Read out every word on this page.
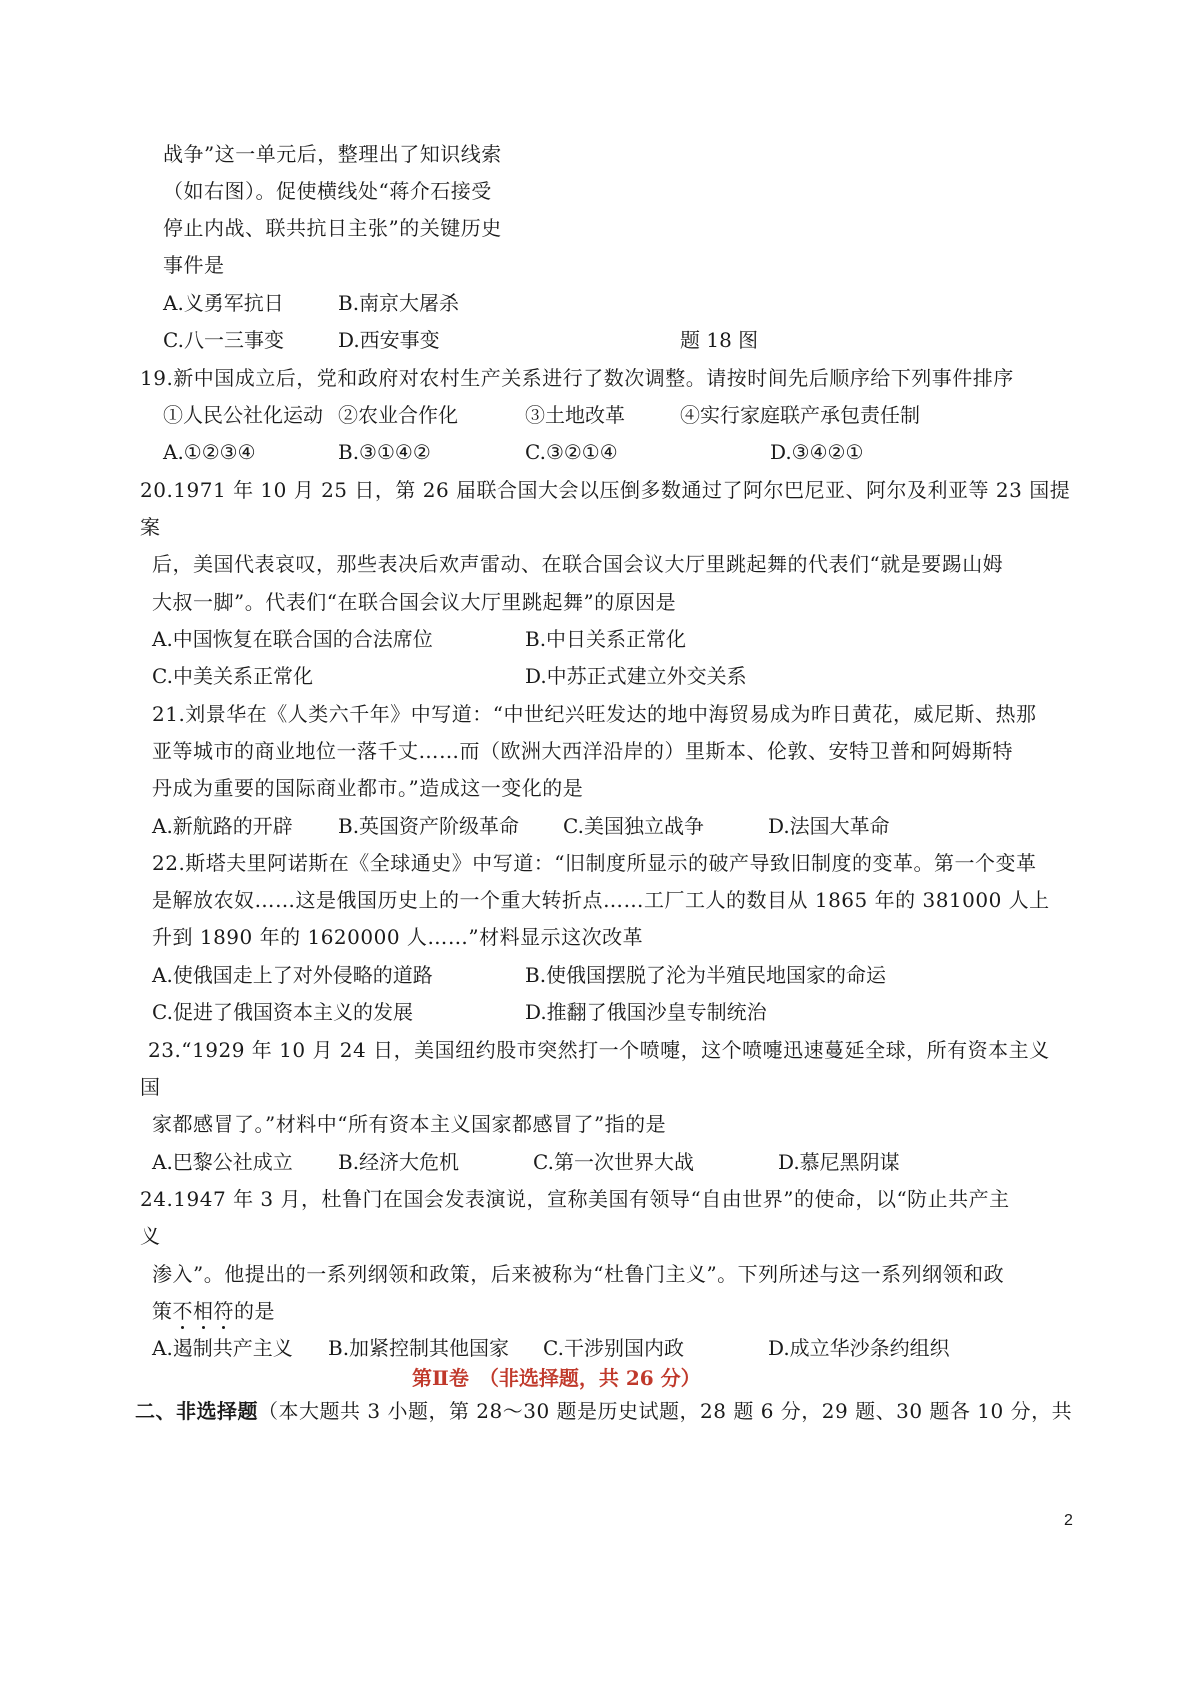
战争”这一单元后，整理出了知识线索
（如右图）。促使横线处“蒋介石接受
停止内战、联共抗日主张”的关键历史
事件是
A.义勇军抗日	B.南京大屠杀
C.八一三事变	D.西安事变	题 18 图
19.新中国成立后，党和政府对农村生产关系进行了数次调整。请按时间先后顺序给下列事件排序
①人民公社化运动 ②农业合作化	③土地改革	④实行家庭联产承包责任制
A.①②③④	B.③①④②	C.③②①④	D.③④②①
20.1971 年 10 月 25 日，第 26 届联合国大会以压倒多数通过了阿尔巴尼亚、阿尔及利亚等 23 国提
案
后，美国代表哀叹，那些表决后欢声雷动、在联合国会议大厅里跳起舞的代表们“就是要踢山姆
大叔一脚”。代表们“在联合国会议大厅里跳起舞”的原因是
A.中国恢复在联合国的合法席位	B.中日关系正常化
C.中美关系正常化	D.中苏正式建立外交关系
21.刘景华在《人类六千年》中写道：“中世纪兴旺发达的地中海贸易成为昨日黄花，威尼斯、热那
亚等城市的商业地位一落千丈……而（欧洲大西洋沿岸的）里斯本、伦敦、安特卫普和阿姆斯特
丹成为重要的国际商业都市。”造成这一变化的是
A.新航路的开辟 B.英国资产阶级革命 C.美国独立战争	D.法国大革命
22.斯塔夫里阿诺斯在《全球通史》中写道：“旧制度所显示的破产导致旧制度的变革。第一个变革
是解放农奴……这是俄国历史上的一个重大转折点……工厂工人的数目从 1865 年的 381000 人上
升到 1890 年的 1620000 人……”材料显示这次改革
A.使俄国走上了对外侵略的道路	B.使俄国摆脱了沦为半殖民地国家的命运
C.促进了俄国资本主义的发展	D.推翻了俄国沙皇专制统治
23.“1929 年 10 月 24 日，美国纽约股市突然打一个喷嚏，这个喷嚏迅速蔓延全球，所有资本主义
国
家都感冒了。”材料中“所有资本主义国家都感冒了”指的是
A.巴黎公社成立 B.经济大危机	C.第一次世界大战	D.慕尼黑阴谋
24.1947 年 3 月，杜鲁门在国会发表演说，宣称美国有领导“自由世界”的使命，以“防止共产主
义
渗入”。他提出的一系列纲领和政策，后来被称为“杜鲁门主义”。下列所述与这一系列纲领和政
策不相符的是
A.遏制共产主义 B.加紧控制其他国家 C.干涉别国内政	D.成立华沙条约组织
第Ⅱ卷　（非选择题，共 26 分）
二、非选择题（本大题共 3 小题，第 28～30 题是历史试题，28 题 6 分，29 题、30 题各 10 分，共
2
